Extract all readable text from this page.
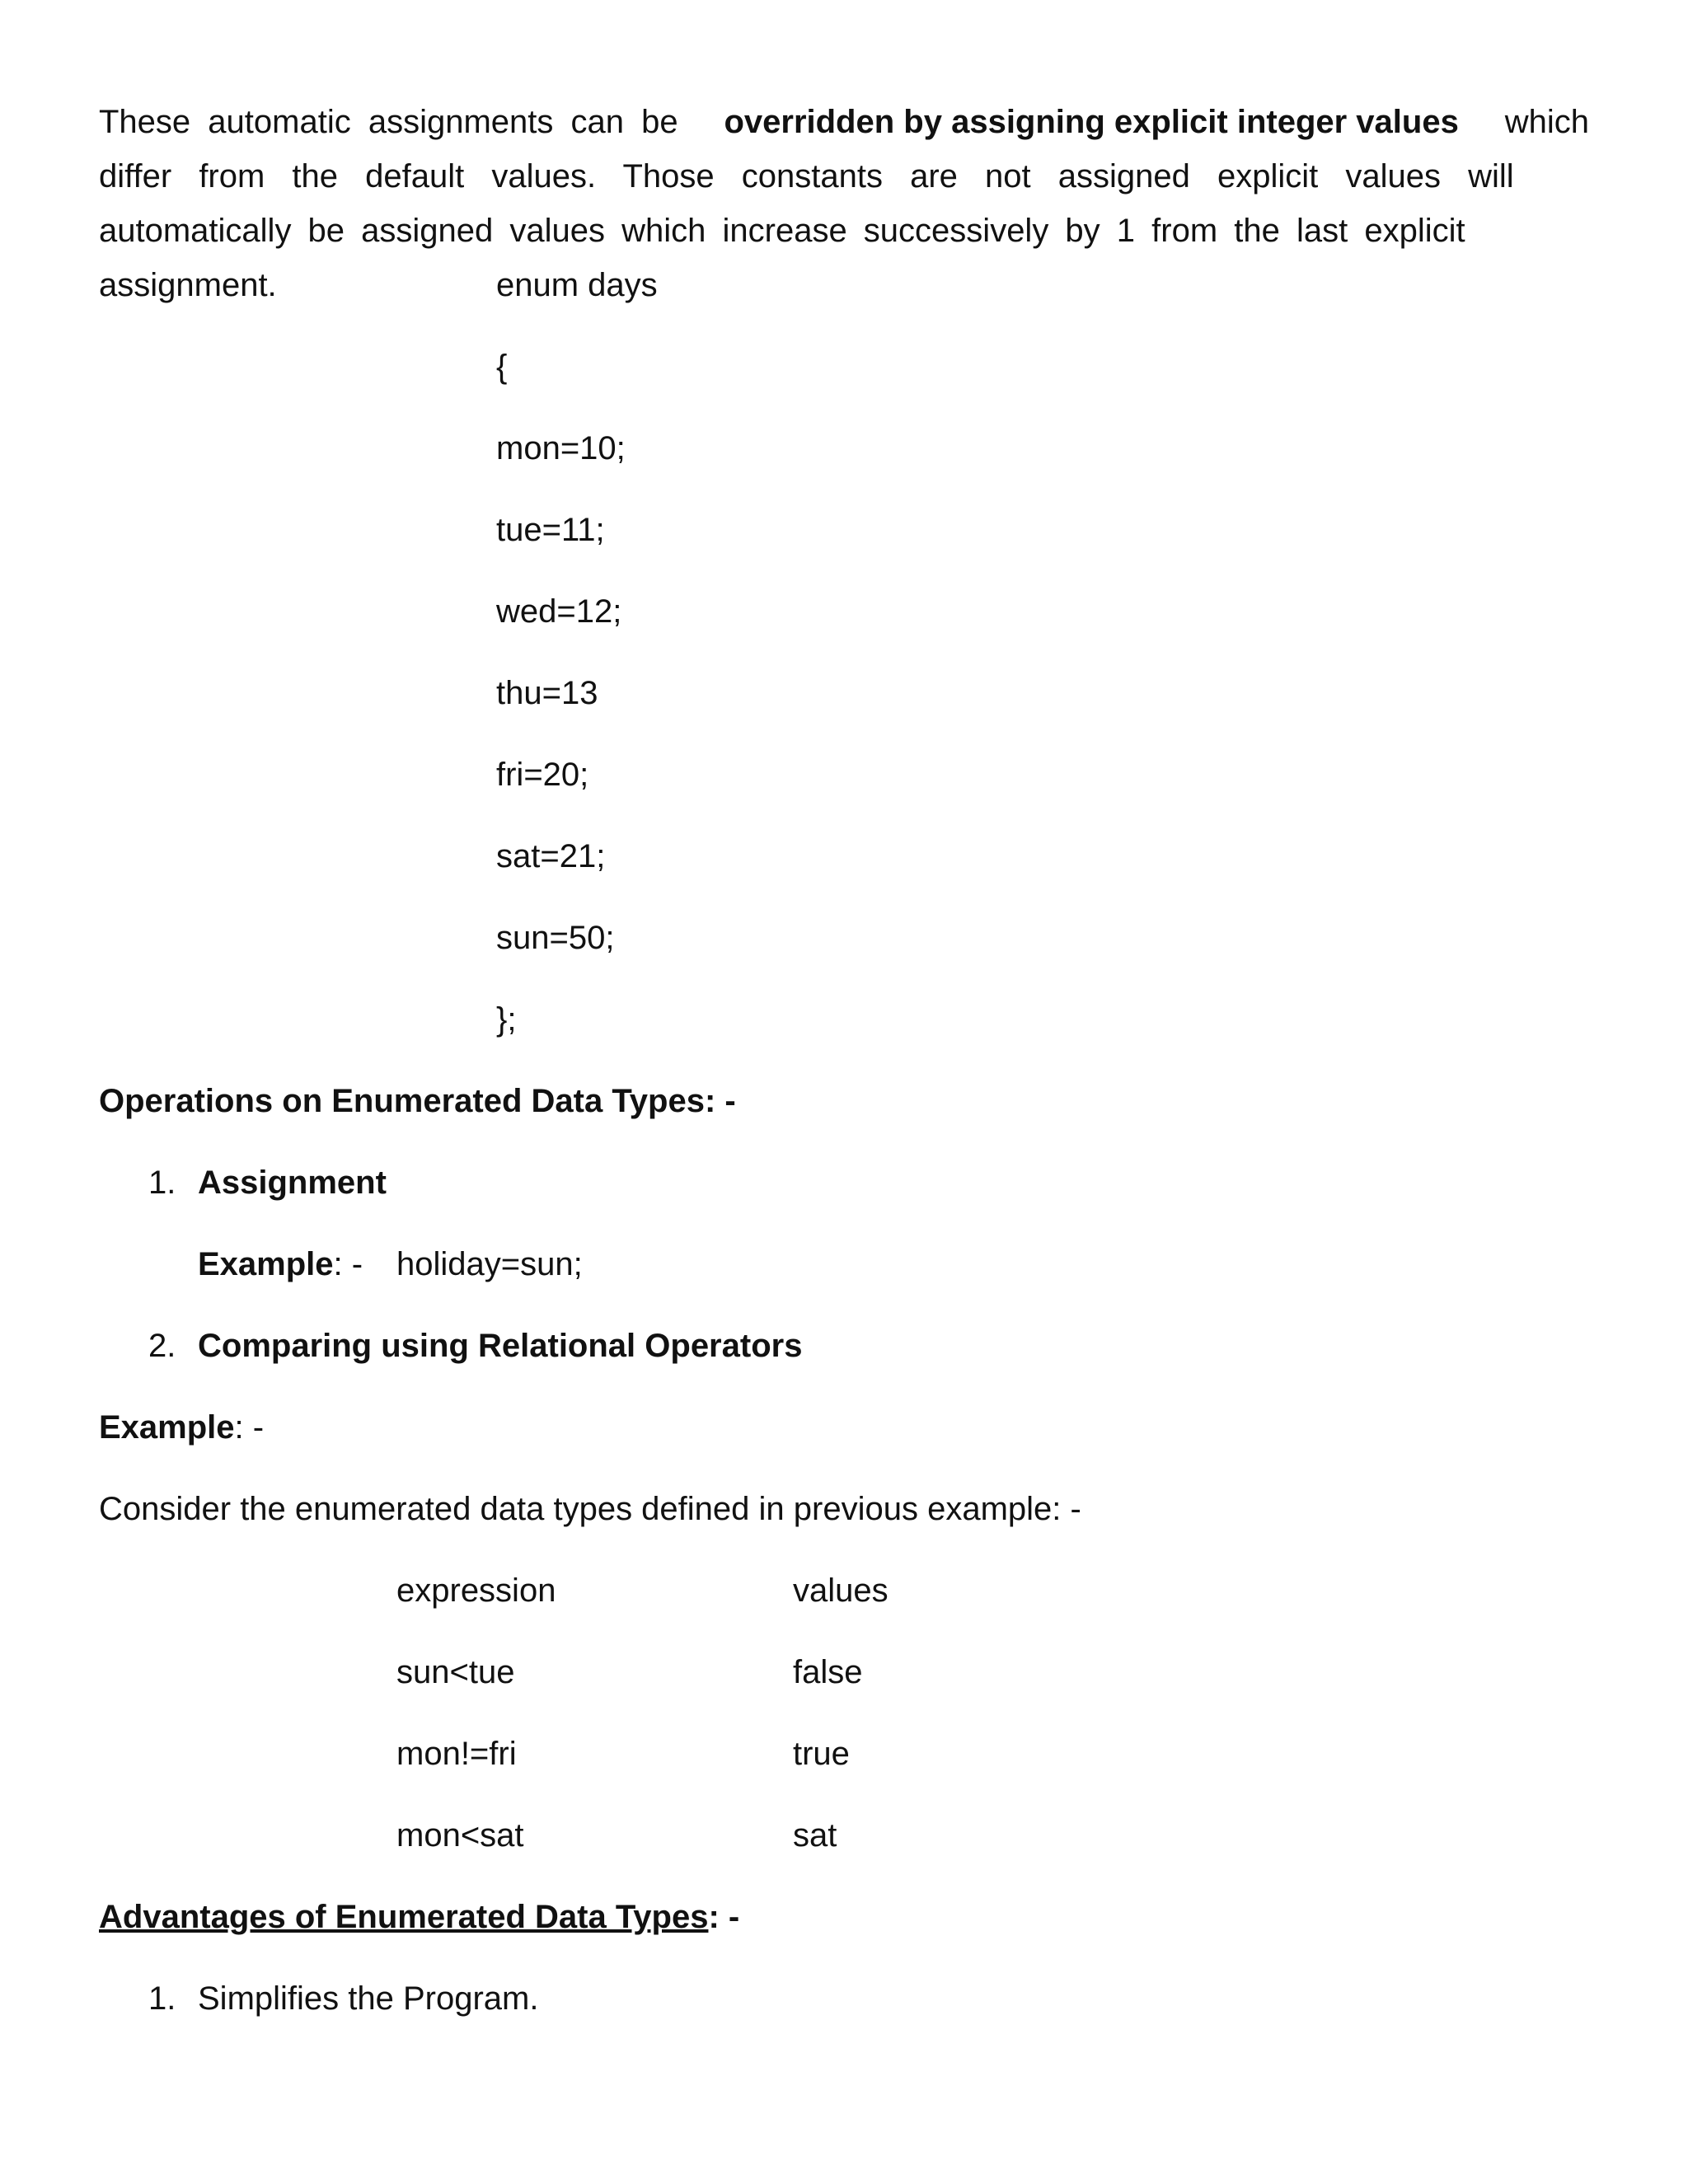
These automatic assignments can be overridden by assigning explicit integer values which
differ from the default values. Those constants are not assigned explicit values will
automatically be assigned values which increase successively by 1 from the last explicit
assignment.	enum days
{
mon=10;
tue=11;
wed=12;
thu=13
fri=20;
sat=21;
sun=50;
};
Operations on Enumerated Data Types: -
1. Assignment
Example: - holiday=sun;
2. Comparing using Relational Operators
Example: -
Consider the enumerated data types defined in previous example: -
expression	values
sun<tue	false
mon!=fri	true
mon<sat	sat
Advantages of Enumerated Data Types: -
1. Simplifies the Program.
